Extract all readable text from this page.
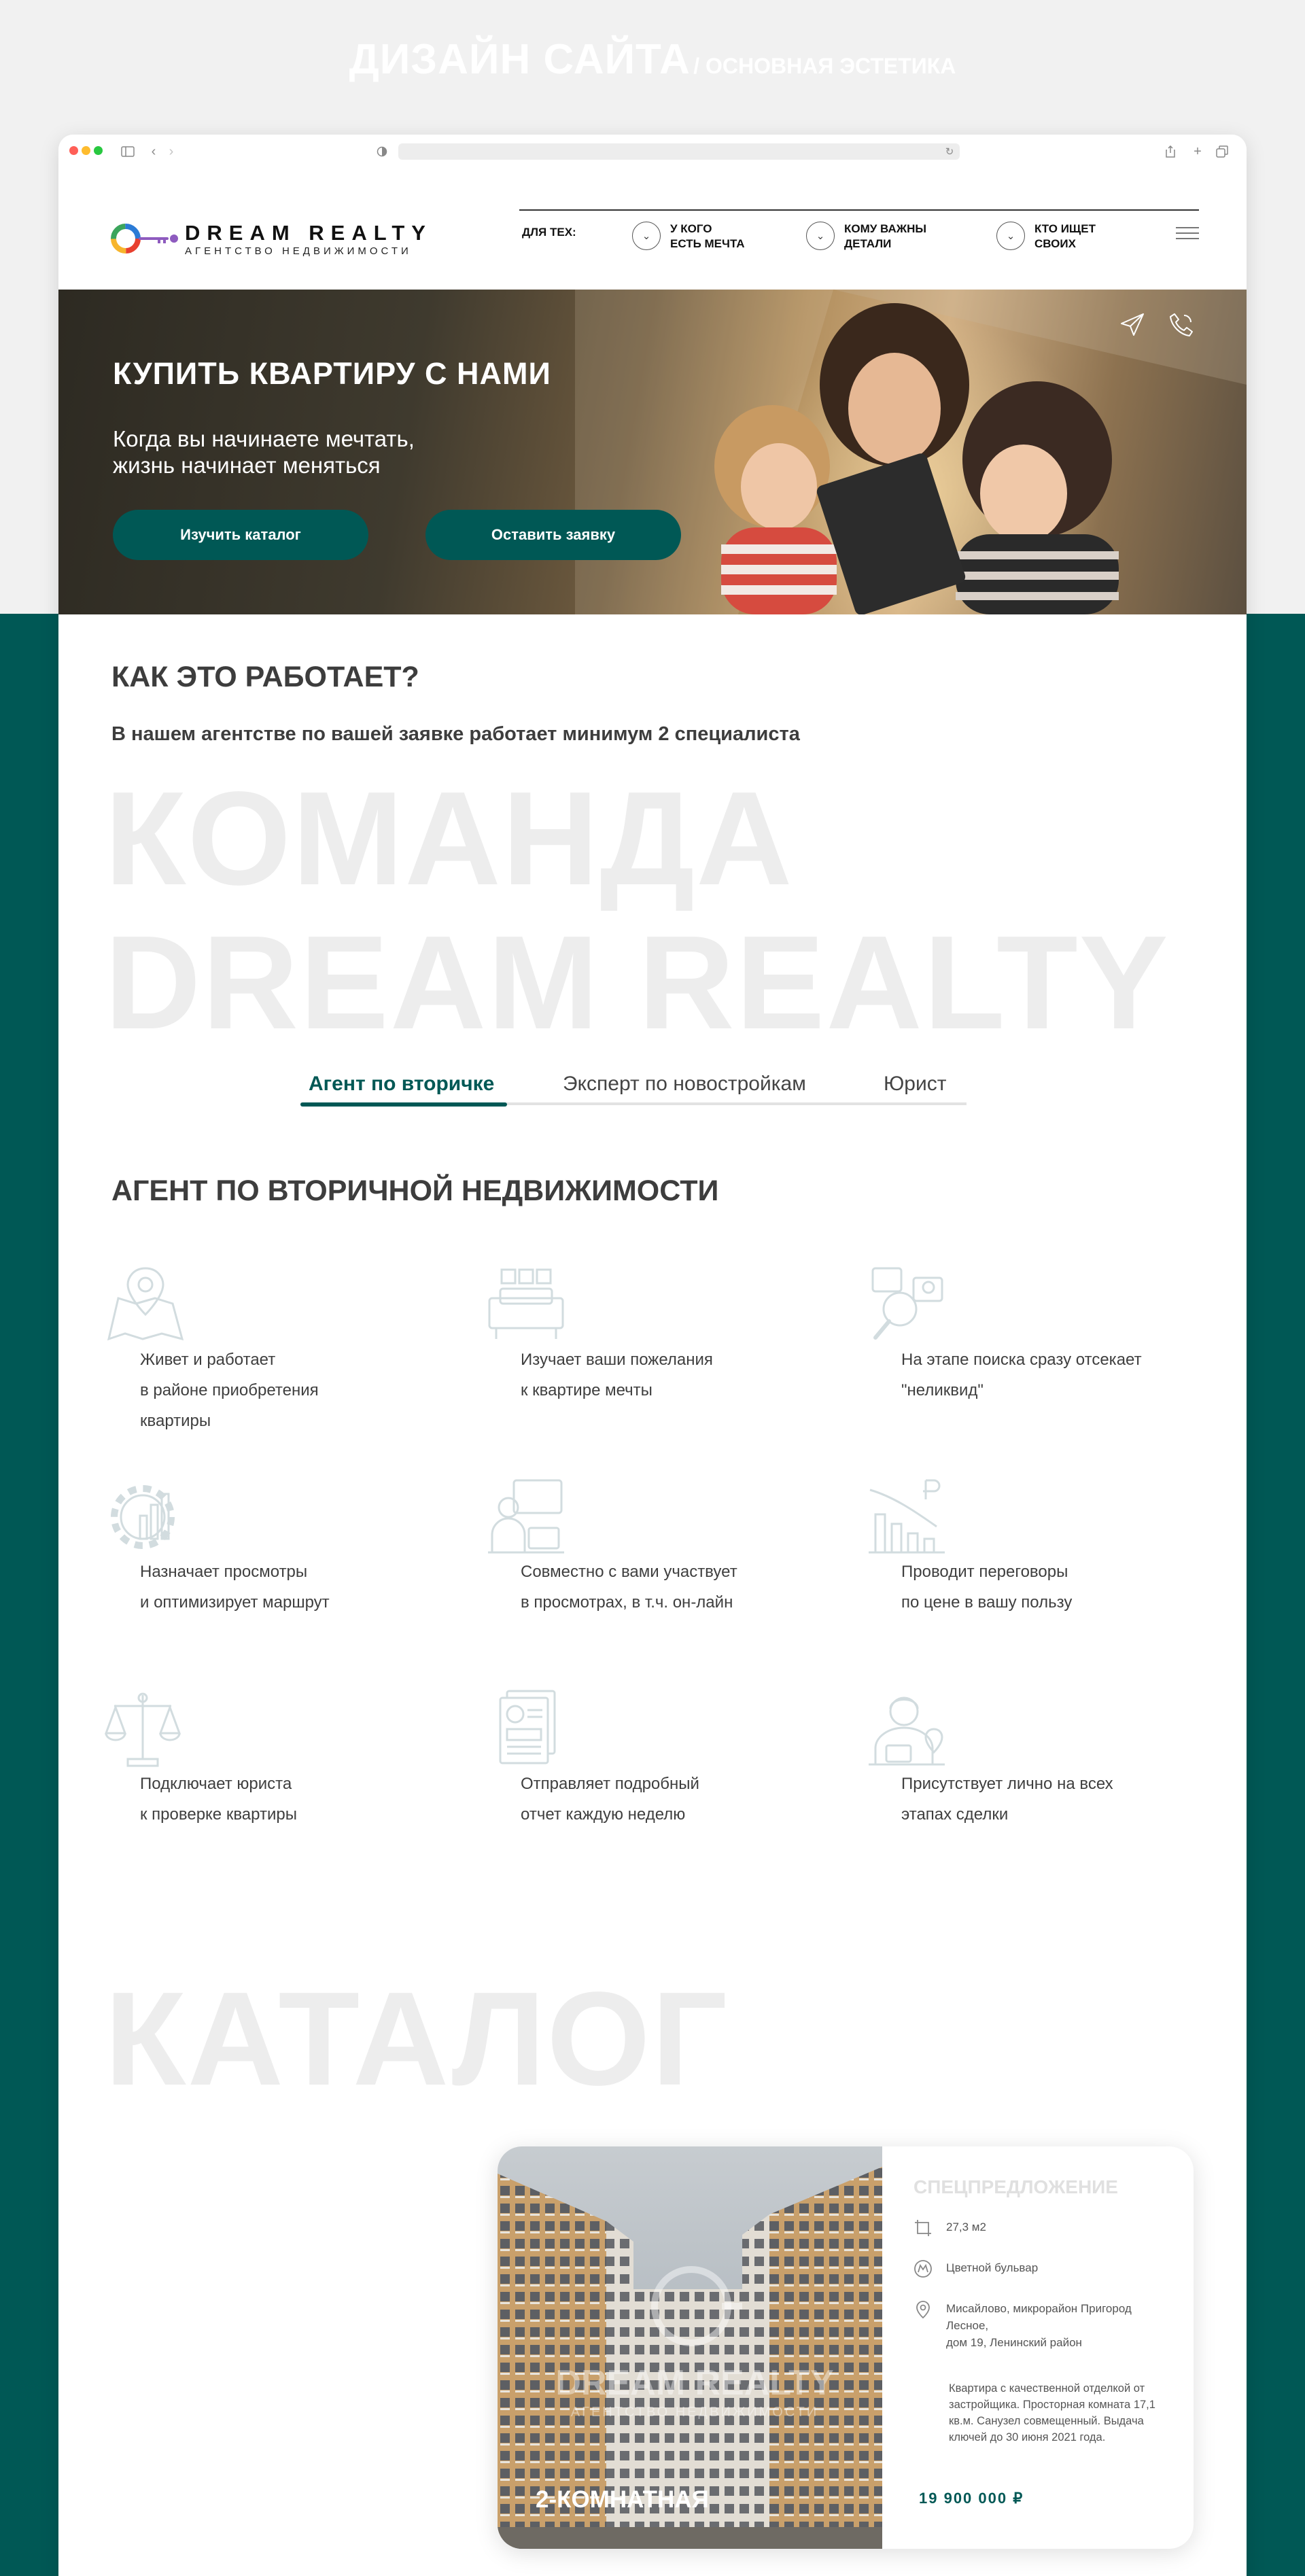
ДИЗАЙН САЙТА / ОСНОВНАЯ ЭСТЕТИКА
‹ ›	↻	+
DREAM REALTY
АГЕНТСТВО НЕДВИЖИМОСТИ
ДЛЯ ТЕХ:	⌄
У КОГО
ЕСТЬ МЕЧТА
⌄
КОМУ ВАЖНЫ
ДЕТАЛИ
⌄
КТО ИЩЕТ
СВОИХ
КУПИТЬ КВАРТИРУ С НАМИ
Когда вы начинаете мечтать,
жизнь начинает меняться
Изучить каталог	Оставить заявку
КАК ЭТО РАБОТАЕТ?
В нашем агентстве по вашей заявке работает минимум 2 специалиста
КОМАНДА
DREAM REALTY
Агент по вторичке	Эксперт по новостройкам	Юрист
АГЕНТ ПО ВТОРИЧНОЙ НЕДВИЖИМОСТИ
Живет и работает
в районе приобретения
квартиры
Изучает ваши пожелания
к квартире мечты
На этапе поиска сразу отсекает
"неликвид"
Назначает просмотры
и оптимизирует маршрут
Совместно с вами участвует
в просмотрах, в т.ч. он-лайн
Проводит переговоры
по цене в вашу пользу
Подключает юриста
к проверке квартиры
Отправляет подробный
отчет каждую неделю
Присутствует лично на всех
этапах сделки
КАТАЛОГ
DREAM REALTY
АГЕНТСТВО НЕДВИЖИМОСТИ
2-КОМНАТНАЯ
СПЕЦПРЕДЛОЖЕНИЕ
27,3 м2
Цветной бульвар
Мисайлово, микрорайон Пригород Лесное,
дом 19, Ленинский район
Квартира с качественной отделкой от застройщика. Просторная комната 17,1 кв.м. Санузел совмещенный. Выдача ключей до 30 июня 2021 года.
19 900 000 ₽
